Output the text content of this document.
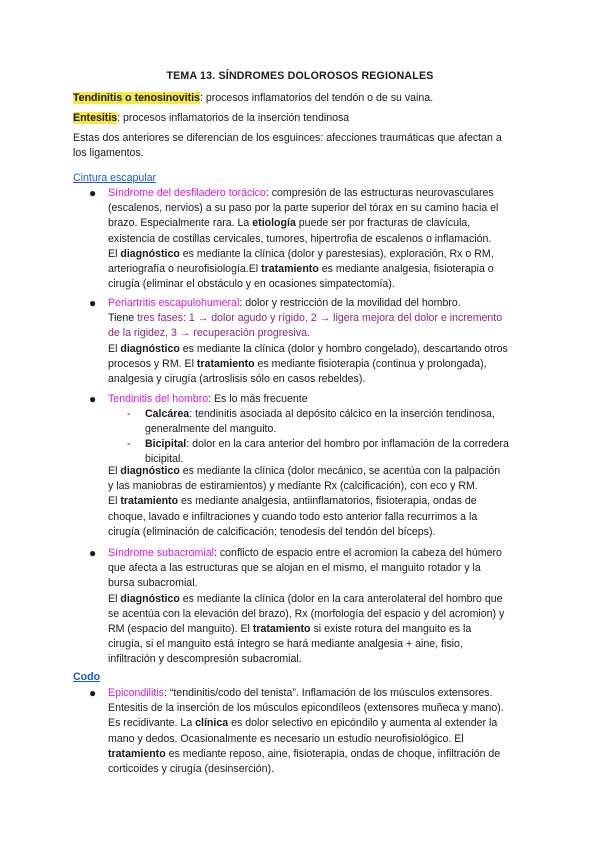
TEMA 13. SÍNDROMES DOLOROSOS REGIONALES
Tendinitis o tenosinovitis: procesos inflamatorios del tendón o de su vaina.
Entesitis: procesos inflamatorios de la inserción tendinosa
Estas dos anteriores se diferencian de los esguinces: afecciones traumáticas que afectan a
los ligamentos.
Cintura escapular
● Síndrome del desfiladero torácico: compresión de las estructuras neurovasculares
(escalenos, nervios) a su paso por la parte superior del tórax en su camino hacia el
brazo. Especialmente rara. La etiología puede ser por fracturas de clavícula,
existencia de costillas cervicales, tumores, hipertrofia de escalenos o inflamación.
El diagnóstico es mediante la clínica (dolor y parestesias), exploración, Rx o RM,
arteriografía o neurofisiología.El tratamiento es mediante analgesia, fisioterapia o
cirugía (eliminar el obstáculo y en ocasiones simpatectomía).
● Periartritis escapulohumeral: dolor y restricción de la movilidad del hombro.
Tiene tres fases: 1 → dolor agudo y rígido, 2 → ligera mejora del dolor e incremento
de la rigidez, 3 → recuperación progresiva.
El diagnóstico es mediante la clínica (dolor y hombro congelado), descartando otros
procesos y RM. El tratamiento es mediante fisioterapia (continua y prolongada),
analgesia y cirugía (artroslisis sólo en casos rebeldes).
● Tendinitis del hombro: Es lo más frecuente
- Calcárea: tendinitis asociada al depósito cálcico en la inserción tendinosa,
generalmente del manguito.
- Bicipital: dolor en la cara anterior del hombro por inflamación de la corredera
bicipital.
El diagnóstico es mediante la clínica (dolor mecánico, se acentúa con la palpación
y las maniobras de estiramientos) y mediante Rx (calcificación), con eco y RM.
El tratamiento es mediante analgesia, antiinflamatorios, fisioterapia, ondas de
choque, lavado e infiltraciones y cuando todo esto anterior falla recurrimos a la
cirugía (eliminación de calcificación; tenodesis del tendón del bíceps).
● Síndrome subacromial: conflicto de espacio entre el acromion la cabeza del húmero
que afecta a las estructuras que se alojan en el mismo, el manguito rotador y la
bursa subacromial.
El diagnóstico es mediante la clínica (dolor en la cara anterolateral del hombro que
se acentúa con la elevación del brazo), Rx (morfología del espacio y del acromion) y
RM (espacio del manguito). El tratamiento si existe rotura del manguito es la
cirugía, si el manguito está íntegro se hará mediante analgesia + aine, fisio,
infiltración y descompresión subacromial.
Codo
● Epicondilitis: “tendinitis/codo del tenista”. Inflamación de los músculos extensores.
Entesitis de la inserción de los músculos epicondíleos (extensores muñeca y mano).
Es recidivante. La clínica es dolor selectivo en epicóndilo y aumenta al extender la
mano y dedos. Ocasionalmente es necesario un estudio neurofisiológico. El
tratamiento es mediante reposo, aine, fisioterapia, ondas de choque, infiltración de
corticoides y cirugía (desinserción).
